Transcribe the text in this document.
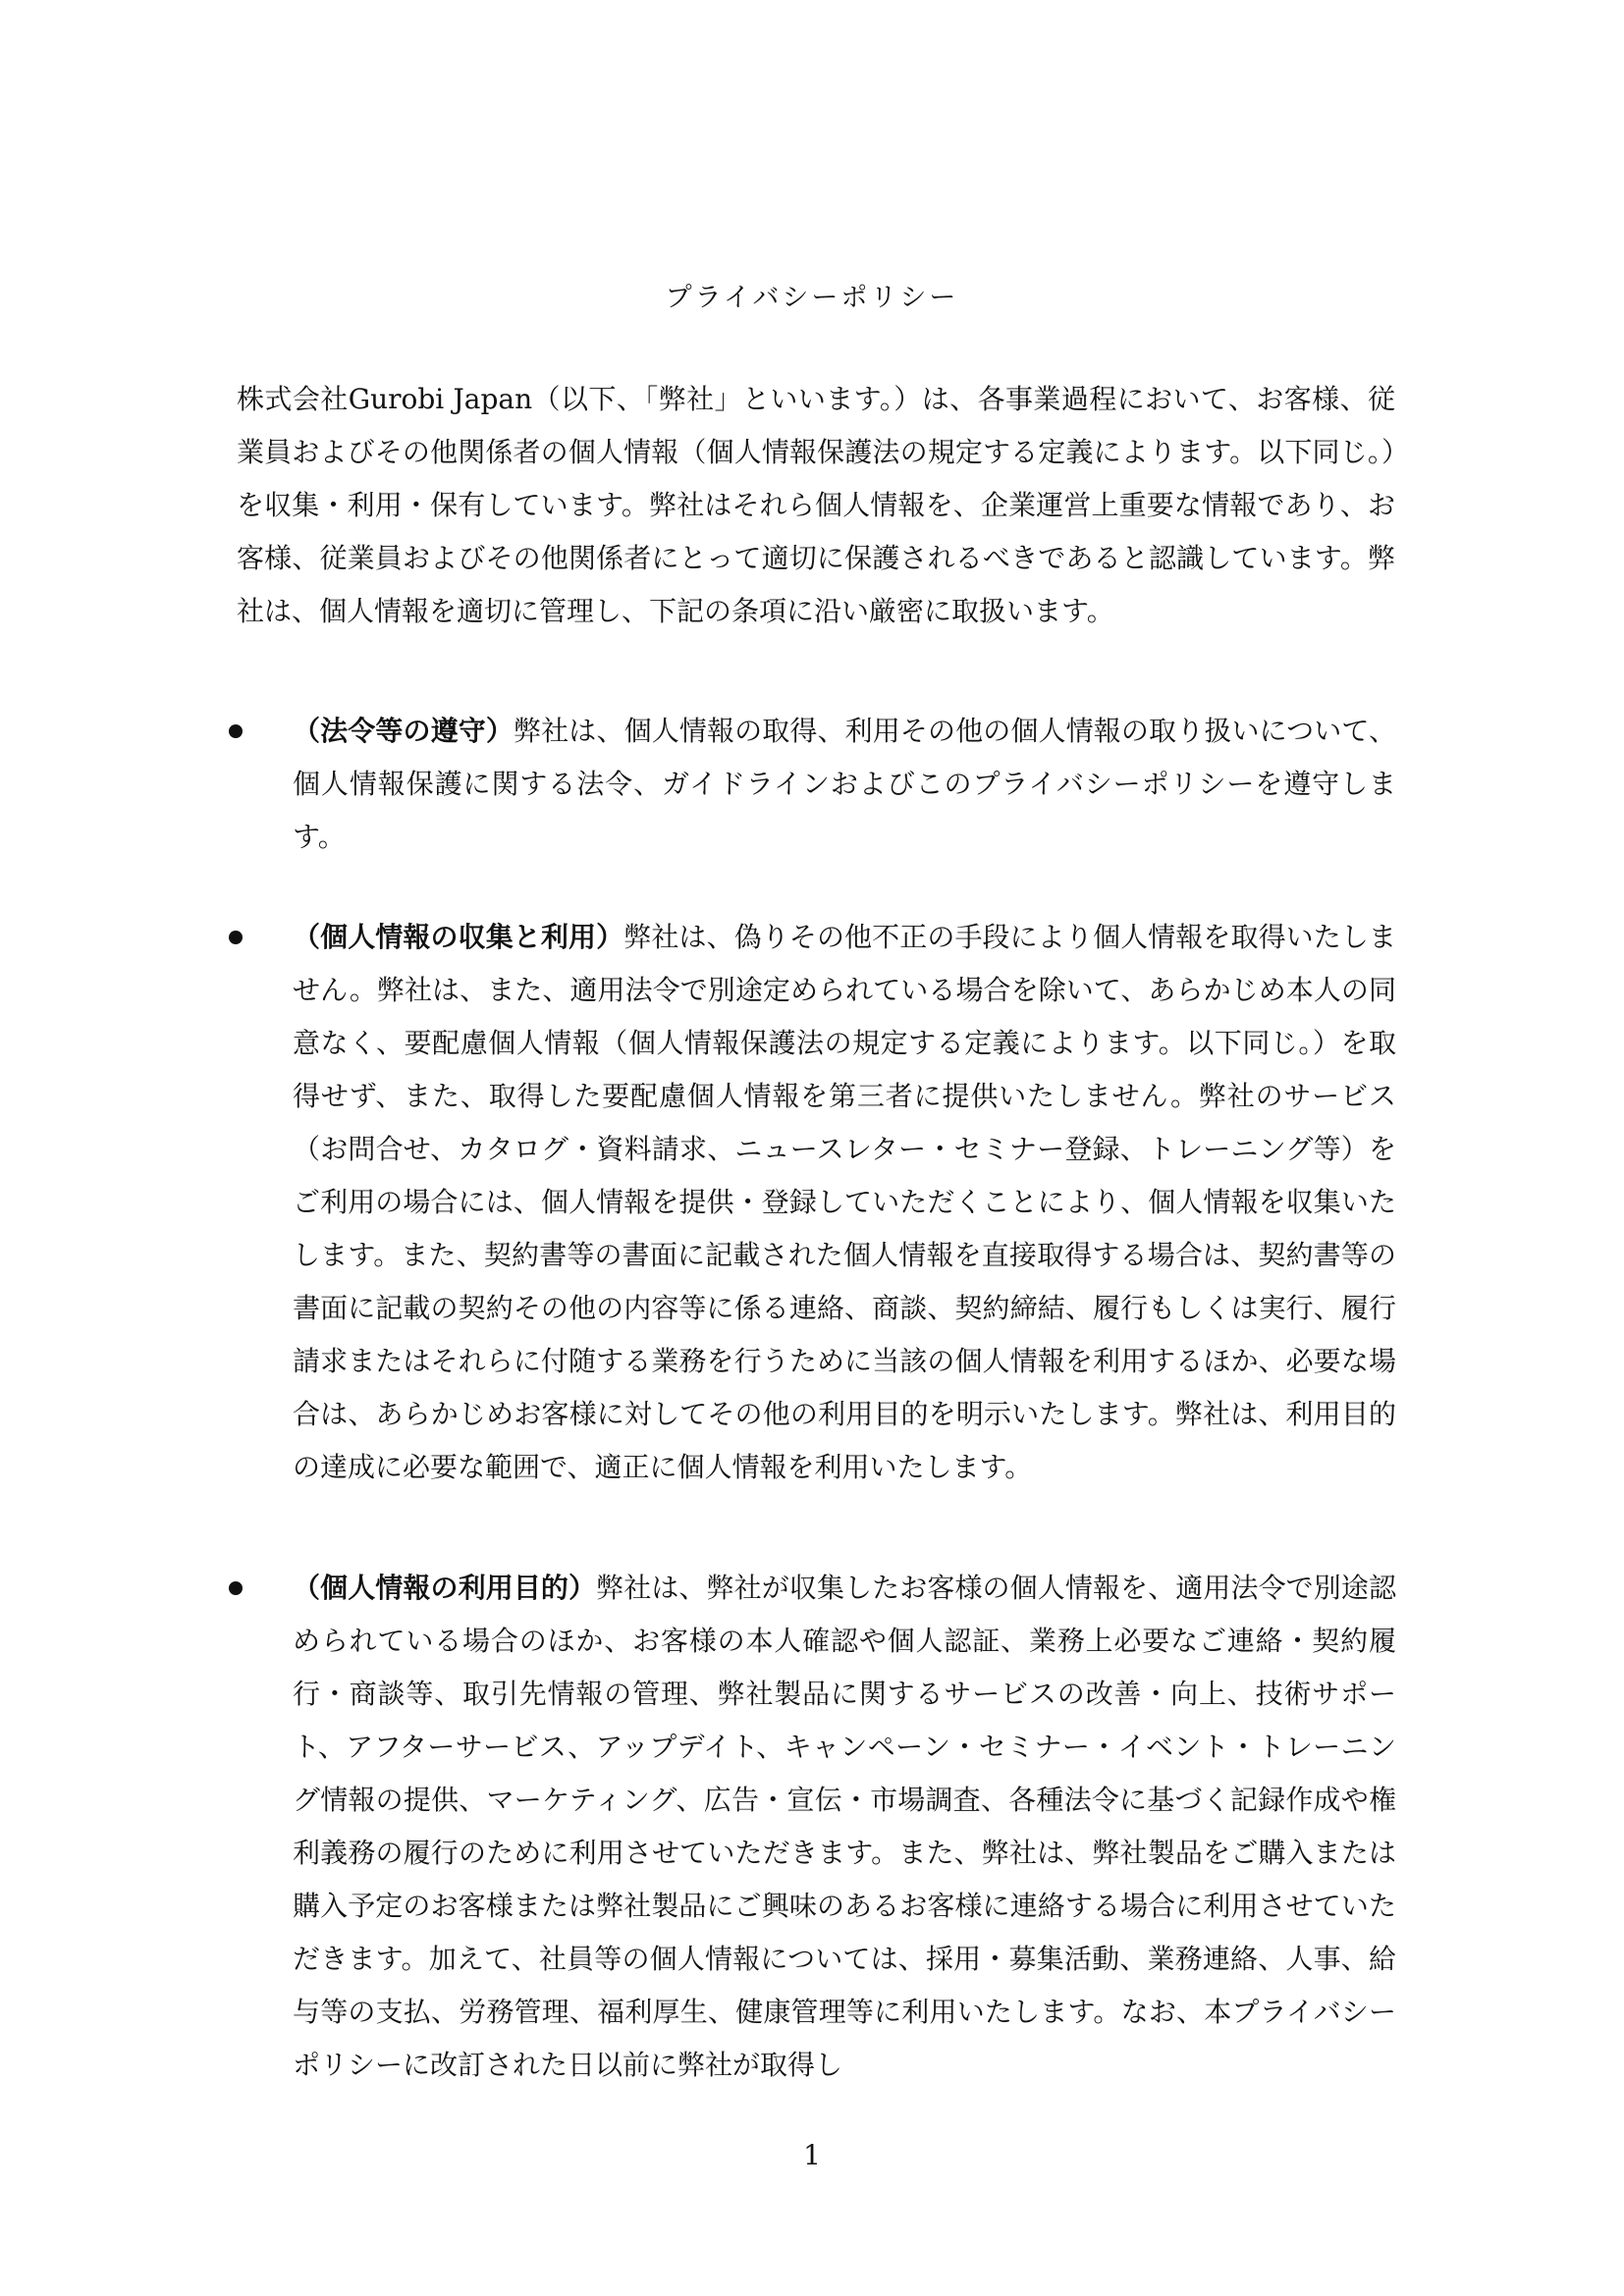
プライバシーポリシー

株式会社Gurobi Japan（以下、「弊社」といいます。）は、各事業過程において、お客様、従業員およびその他関係者の個人情報（個人情報保護法の規定する定義によります。以下同じ。）を収集・利用・保有しています。弊社はそれら個人情報を、企業運営上重要な情報であり、お客様、従業員およびその他関係者にとって適切に保護されるべきであると認識しています。弊社は、個人情報を適切に管理し、下記の条項に沿い厳密に取扱います。

（法令等の遵守）弊社は、個人情報の取得、利用その他の個人情報の取り扱いについて、個人情報保護に関する法令、ガイドラインおよびこのプライバシーポリシーを遵守します。

（個人情報の収集と利用）弊社は、偽りその他不正の手段により個人情報を取得いたしません。弊社は、また、適用法令で別途定められている場合を除いて、あらかじめ本人の同意なく、要配慮個人情報（個人情報保護法の規定する定義によります。以下同じ。）を取得せず、また、取得した要配慮個人情報を第三者に提供いたしません。弊社のサービス（お問合せ、カタログ・資料請求、ニュースレター・セミナー登録、トレーニング等）をご利用の場合には、個人情報を提供・登録していただくことにより、個人情報を収集いたします。また、契約書等の書面に記載された個人情報を直接取得する場合は、契約書等の書面に記載の契約その他の内容等に係る連絡、商談、契約締結、履行もしくは実行、履行請求またはそれらに付随する業務を行うために当該の個人情報を利用するほか、必要な場合は、あらかじめお客様に対してその他の利用目的を明示いたします。弊社は、利用目的の達成に必要な範囲で、適正に個人情報を利用いたします。

（個人情報の利用目的）弊社は、弊社が収集したお客様の個人情報を、適用法令で別途認められている場合のほか、お客様の本人確認や個人認証、業務上必要なご連絡・契約履行・商談等、取引先情報の管理、弊社製品に関するサービスの改善・向上、技術サポート、アフターサービス、アップデイト、キャンペーン・セミナー・イベント・トレーニング情報の提供、マーケティング、広告・宣伝・市場調査、各種法令に基づく記録作成や権利義務の履行のために利用させていただきます。また、弊社は、弊社製品をご購入または購入予定のお客様または弊社製品にご興味のあるお客様に連絡する場合に利用させていただきます。加えて、社員等の個人情報については、採用・募集活動、業務連絡、人事、給与等の支払、労務管理、福利厚生、健康管理等に利用いたします。なお、本プライバシーポリシーに改訂された日以前に弊社が取得し

1
